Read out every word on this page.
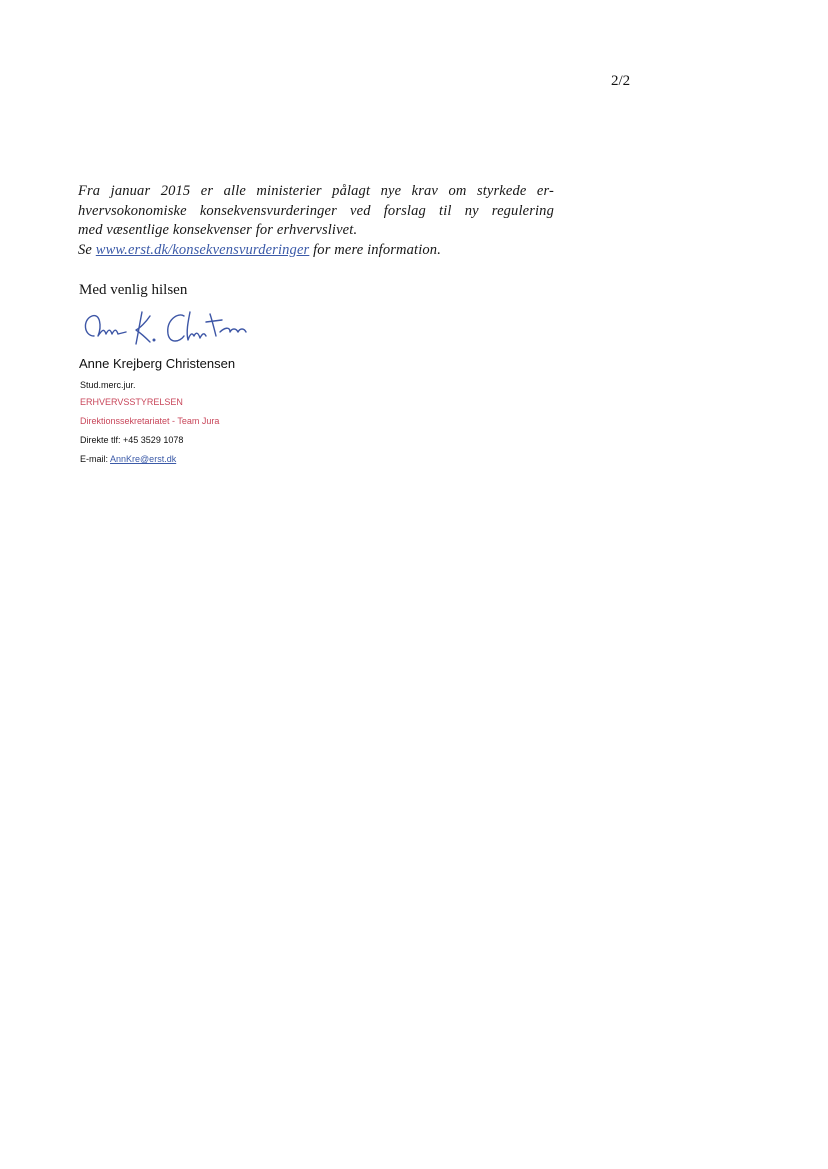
2/2
Fra januar 2015 er alle ministerier pålagt nye krav om styrkede er-
hvervsokonomiske konsekvensvurderinger ved forslag til ny regulering
med væsentlige konsekvenser for erhvervslivet.
Se www.erst.dk/konsekvensvurderinger for mere information.
Med venlig hilsen
Anne Krejberg Christensen
Stud.merc.jur.
ERHVERVSSTYRELSEN
Direktionssekretariatet - Team Jura
Direkte tlf: +45 3529 1078
E-mail: AnnKre@erst.dk
